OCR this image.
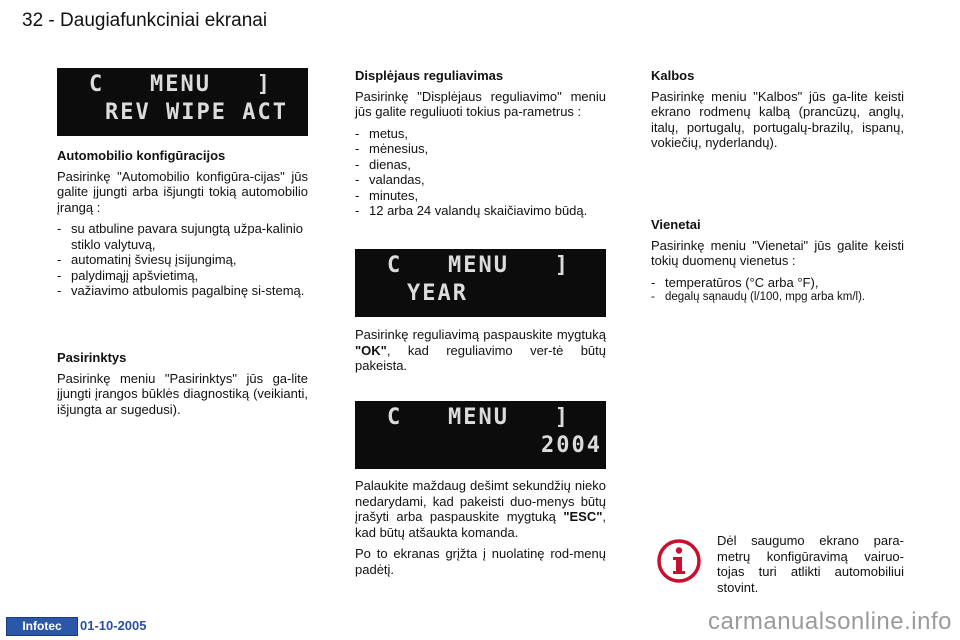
32 - Daugiafunkciniai ekranai
C   MENU   ]
REV WIPE ACT
Automobilio konfigūracijos

Pasirinkę "Automobilio konfigūra-cijas" jūs galite įjungti arba išjungti tokią automobilio įrangą :

- su atbuline pavara sujungtą užpa-kalinio stiklo valytuvą,
- automatinį šviesų įsijungimą,
- palydimąjį apšvietimą,
- važiavimo atbulomis pagalbinę si-stemą.
Pasirinktys

Pasirinkę meniu "Pasirinktys" jūs ga-lite įjungti įrangos būklės diagnostiką (veikianti, išjungta ar sugedusi).

Displėjaus reguliavimas

Pasirinkę "Displėjaus reguliavimo" meniu jūs galite reguliuoti tokius pa-rametrus :

- metus,
- mėnesius,
- dienas,
- valandas,
- minutes,
- 12 arba 24 valandų skaičiavimo būdą.
C   MENU   ]
YEAR

Pasirinkę reguliavimą paspauskite mygtuką "OK", kad reguliavimo ver-tė būtų pakeista.

C   MENU   ]
2004

Palaukite maždaug dešimt sekundžių nieko nedarydami, kad pakeisti duo-menys būtų įrašyti arba paspauskite mygtuką "ESC", kad būtų atšaukta komanda.

Po to ekranas grįžta į nuolatinę rod-menų padėtį.

Kalbos

Pasirinkę meniu "Kalbos" jūs ga-lite keisti ekrano rodmenų kalbą (prancūzų, anglų, italų, portugalų, portugalų-brazilų, ispanų, vokiečių, nyderlandų).

Vienetai

Pasirinkę meniu "Vienetai" jūs galite keisti tokių duomenų vienetus :

- temperatūros (°C arba °F),
- degalų sąnaudų (l/100, mpg arba km/l).

Dėl saugumo ekrano para-metrų konfigūravimą vairuo-tojas turi atlikti automobiliui stovint.

Infotec	01-10-2005	carmanualsonline.info
